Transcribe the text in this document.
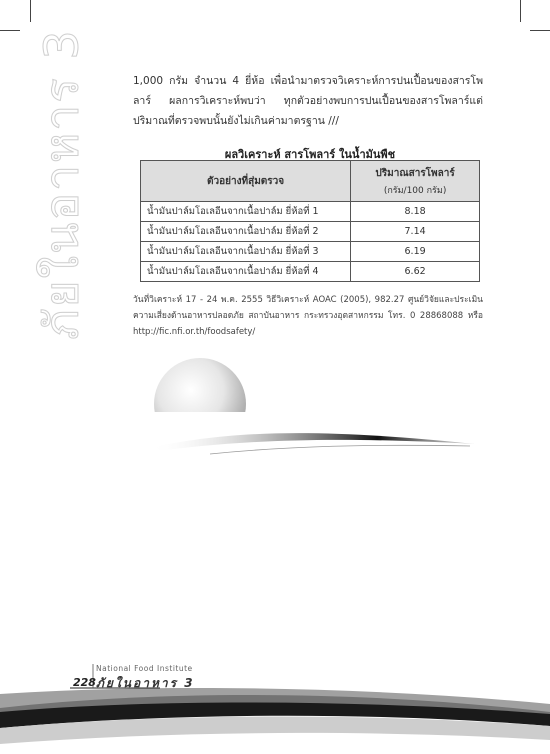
ภัยในอาหาร 3	1,000 กรัม จำนวน 4 ยี่ห้อ เพื่อนำมาตรวจวิเคราะห์การปนเปื้อนของสารโพลาร์ ผลการวิเคราะห์พบว่า ทุกตัวอย่างพบการปนเปื้อนของสารโพลาร์แต่ปริมาณที่ตรวจพบนั้นยังไม่เกินค่ามาตรฐาน ///

ผลวิเคราะห์ สารโพลาร์ ในน้ำมันพืช
ตัวอย่างที่สุ่มตรวจ	ปริมาณสารโพลาร์
(กรัม/100 กรัม)

น้ำมันปาล์มโอเลอีนจากเนื้อปาล์ม ยี่ห้อที่ 1	8.18
น้ำมันปาล์มโอเลอีนจากเนื้อปาล์ม ยี่ห้อที่ 2	7.14
น้ำมันปาล์มโอเลอีนจากเนื้อปาล์ม ยี่ห้อที่ 3	6.19
น้ำมันปาล์มโอเลอีนจากเนื้อปาล์ม ยี่ห้อที่ 4	6.62
วันที่วิเคราะห์ 17 - 24 พ.ค. 2555 วิธีวิเคราะห์ AOAC (2005), 982.27 ศูนย์วิจัยและประเมินความเสี่ยงด้านอาหารปลอดภัย สถาบันอาหาร กระทรวงอุตสาหกรรม โทร. 0 28868088 หรือ http://fic.nfi.or.th/foodsafety/
228
National Food Institute
ภัยในอาหาร 3
